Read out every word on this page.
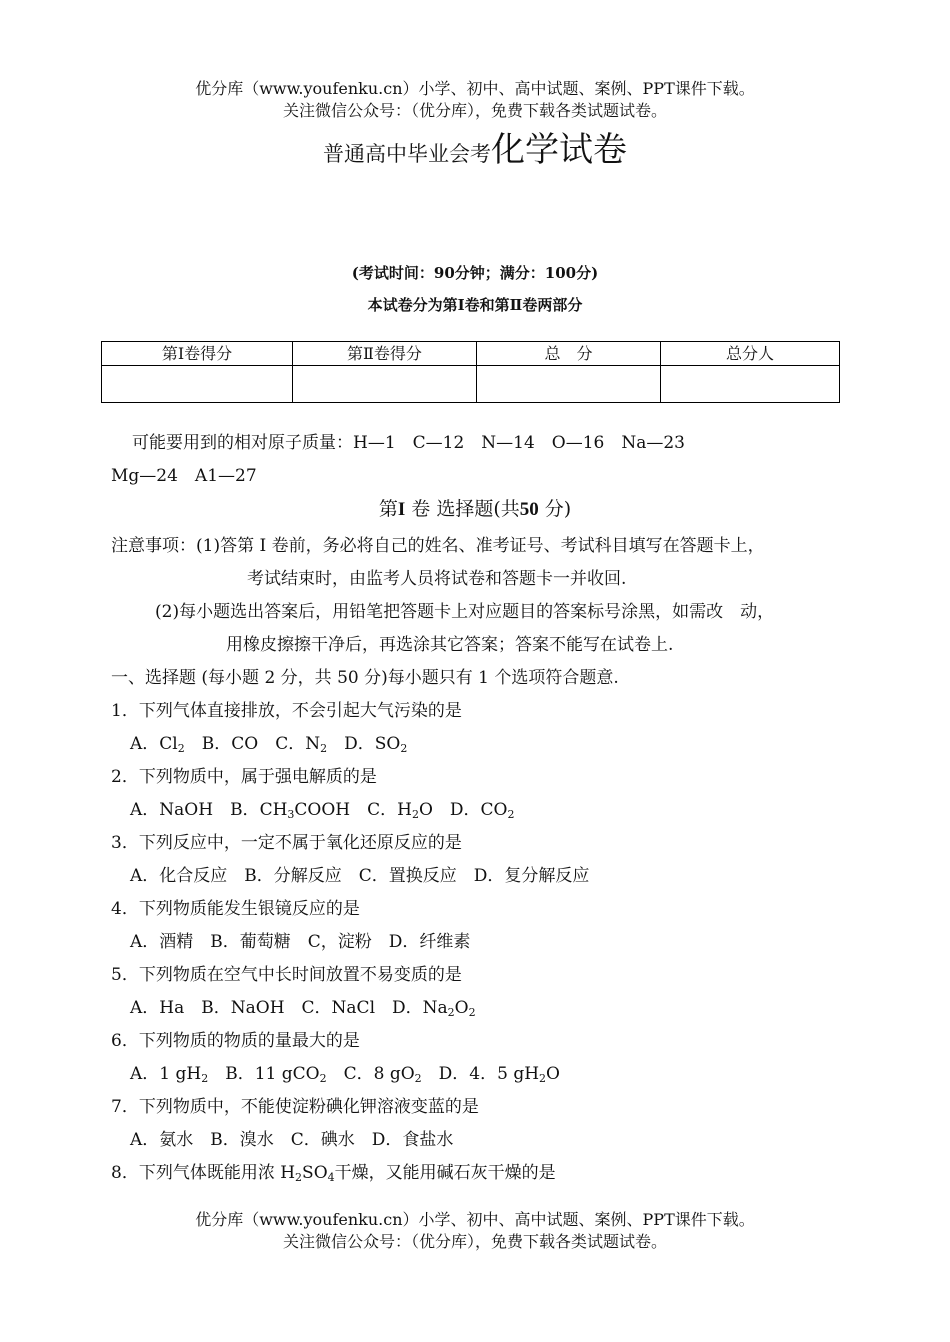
优分库（www.youfenku.cn）小学、初中、高中试题、案例、PPT课件下载。
关注微信公众号：（优分库），免费下载各类试题试卷。
普通高中毕业会考化学试卷
(考试时间：90分钟；满分：100分)
本试卷分为第Ⅰ卷和第Ⅱ卷两部分
第Ⅰ卷得分	第Ⅱ卷得分	总　分	总分人

可能要用到的相对原子质量：H—1　C—12　N—14　O—16　Na—23
Mg—24　A1—27
第I 卷 选择题(共50 分)
注意事项：(1)答第 I 卷前，务必将自己的姓名、准考证号、考试科目填写在答题卡上，
考试结束时，由监考人员将试卷和答题卡一并收回.
(2)每小题选出答案后，用铅笔把答题卡上对应题目的答案标号涂黑，如需改　动，
用橡皮擦擦干净后，再选涂其它答案；答案不能写在试卷上.
一、选择题 (每小题 2 分，共 50 分)每小题只有 1 个选项符合题意.
1．下列气体直接排放，不会引起大气污染的是
A．$Cl_2$　 B．CO　 C．$N_2$　 D．$SO_2$
2．下列物质中，属于强电解质的是
A．NaOH　 B．$CH_3COOH$　 C．$H_2O$　 D．$CO_2$
3．下列反应中，一定不属于氧化还原反应的是
A．化合反应　B．分解反应　C．置换反应　D．复分解反应
4．下列物质能发生银镜反应的是
A．酒精　B．葡萄糖　C，淀粉　D．纤维素
5．下列物质在空气中长时间放置不易变质的是
A．Ha　 B．NaOH　 C．NaCl　 D．$Na_2O_2$
6．下列物质的物质的量最大的是
A．1 $gH_2$　 B．11 gCO$_2$　 C．8 $gO_2$　 D．4．5 $gH_2O$
7．下列物质中，不能使淀粉碘化钾溶液变蓝的是
A．氨水　B．溴水　C．碘水　D．食盐水
8．下列气体既能用浓 $H_2SO_4$干燥，又能用碱石灰干燥的是
优分库（www.youfenku.cn）小学、初中、高中试题、案例、PPT课件下载。
关注微信公众号：（优分库），免费下载各类试题试卷。
